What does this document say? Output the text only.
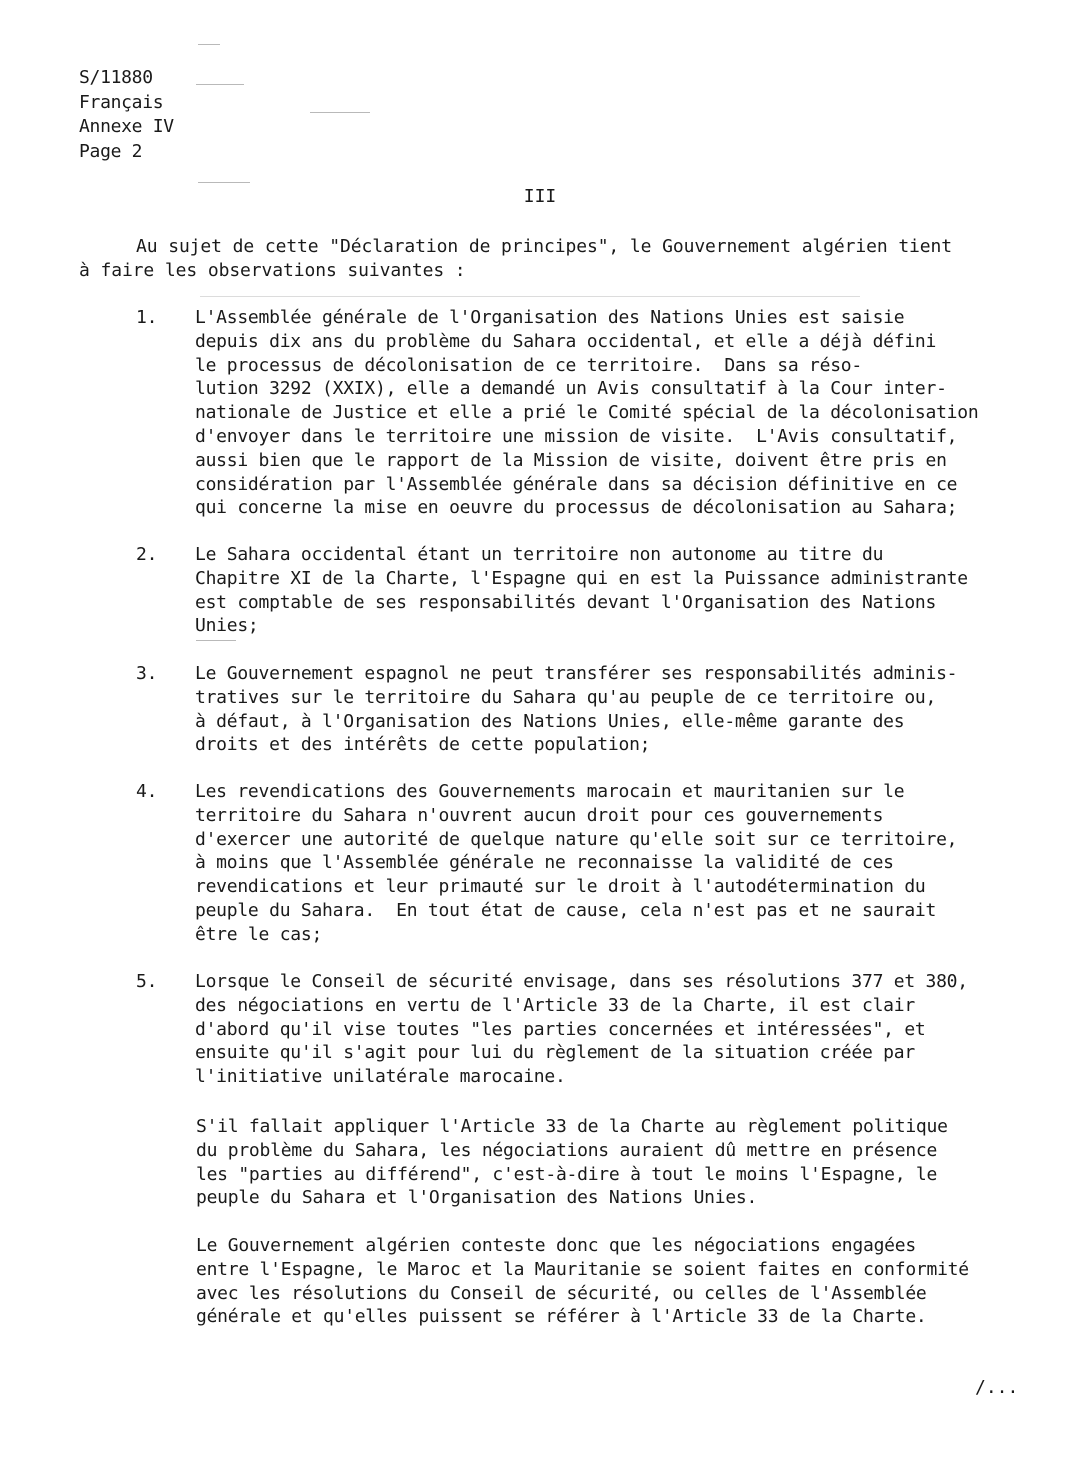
S/11880
Français
Annexe IV
Page 2
III
Au sujet de cette "Déclaration de principes", le Gouvernement algérien tient
à faire les observations suivantes :
1. L'Assemblée générale de l'Organisation des Nations Unies est saisie
depuis dix ans du problème du Sahara occidental, et elle a déjà défini
le processus de décolonisation de ce territoire.  Dans sa réso-
lution 3292 (XXIX), elle a demandé un Avis consultatif à la Cour inter-
nationale de Justice et elle a prié le Comité spécial de la décolonisation
d'envoyer dans le territoire une mission de visite.  L'Avis consultatif,
aussi bien que le rapport de la Mission de visite, doivent être pris en
considération par l'Assemblée générale dans sa décision définitive en ce
qui concerne la mise en oeuvre du processus de décolonisation au Sahara;
2. Le Sahara occidental étant un territoire non autonome au titre du
Chapitre XI de la Charte, l'Espagne qui en est la Puissance administrante
est comptable de ses responsabilités devant l'Organisation des Nations
Unies;
3. Le Gouvernement espagnol ne peut transférer ses responsabilités adminis-
tratives sur le territoire du Sahara qu'au peuple de ce territoire ou,
à défaut, à l'Organisation des Nations Unies, elle-même garante des
droits et des intérêts de cette population;
4. Les revendications des Gouvernements marocain et mauritanien sur le
territoire du Sahara n'ouvrent aucun droit pour ces gouvernements
d'exercer une autorité de quelque nature qu'elle soit sur ce territoire,
à moins que l'Assemblée générale ne reconnaisse la validité de ces
revendications et leur primauté sur le droit à l'autodétermination du
peuple du Sahara.  En tout état de cause, cela n'est pas et ne saurait
être le cas;
5. Lorsque le Conseil de sécurité envisage, dans ses résolutions 377 et 380,
des négociations en vertu de l'Article 33 de la Charte, il est clair
d'abord qu'il vise toutes "les parties concernées et intéressées", et
ensuite qu'il s'agit pour lui du règlement de la situation créée par
l'initiative unilatérale marocaine.
S'il fallait appliquer l'Article 33 de la Charte au règlement politique
du problème du Sahara, les négociations auraient dû mettre en présence
les "parties au différend", c'est-à-dire à tout le moins l'Espagne, le
peuple du Sahara et l'Organisation des Nations Unies.
Le Gouvernement algérien conteste donc que les négociations engagées
entre l'Espagne, le Maroc et la Mauritanie se soient faites en conformité
avec les résolutions du Conseil de sécurité, ou celles de l'Assemblée
générale et qu'elles puissent se référer à l'Article 33 de la Charte.
/...
